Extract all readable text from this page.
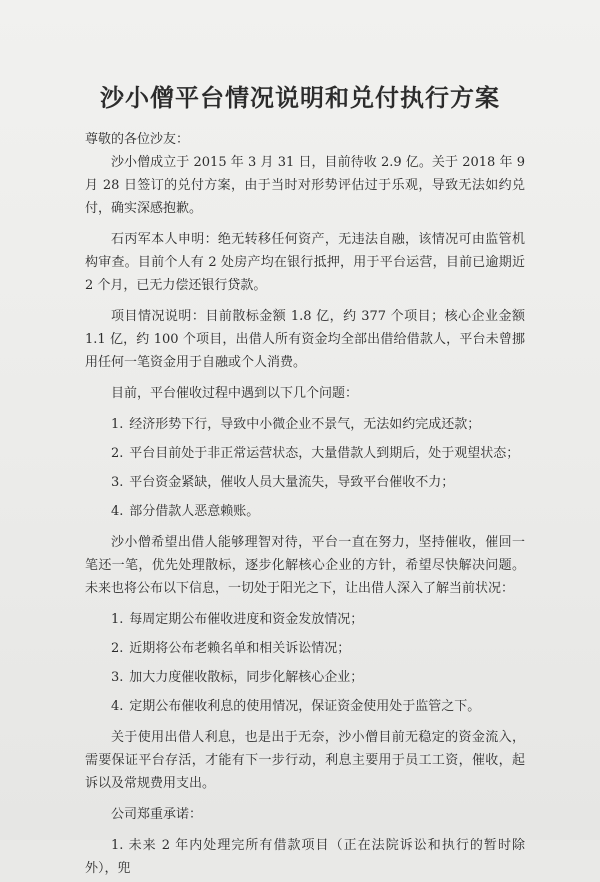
沙小僧平台情况说明和兑付执行方案
尊敬的各位沙友：
沙小僧成立于 2015 年 3 月 31 日，目前待收 2.9 亿。关于 2018 年 9 月 28 日签订的兑付方案，由于当时对形势评估过于乐观，导致无法如约兑付，确实深感抱歉。
石丙军本人申明：绝无转移任何资产，无违法自融，该情况可由监管机构审查。目前个人有 2 处房产均在银行抵押，用于平台运营，目前已逾期近 2 个月，已无力偿还银行贷款。
项目情况说明：目前散标金额 1.8 亿，约 377 个项目；核心企业金额 1.1 亿，约 100 个项目，出借人所有资金均全部出借给借款人，平台未曾挪用任何一笔资金用于自融或个人消费。
目前，平台催收过程中遇到以下几个问题：
1. 经济形势下行，导致中小微企业不景气，无法如约完成还款；
2. 平台目前处于非正常运营状态，大量借款人到期后，处于观望状态；
3. 平台资金紧缺，催收人员大量流失，导致平台催收不力；
4. 部分借款人恶意赖账。
沙小僧希望出借人能够理智对待，平台一直在努力，坚持催收，催回一笔还一笔，优先处理散标，逐步化解核心企业的方针，希望尽快解决问题。未来也将公布以下信息，一切处于阳光之下，让出借人深入了解当前状况：
1. 每周定期公布催收进度和资金发放情况；
2. 近期将公布老赖名单和相关诉讼情况；
3. 加大力度催收散标，同步化解核心企业；
4. 定期公布催收利息的使用情况，保证资金使用处于监管之下。
关于使用出借人利息，也是出于无奈，沙小僧目前无稳定的资金流入，需要保证平台存活，才能有下一步行动，利息主要用于员工工资，催收，起诉以及常规费用支出。
公司郑重承诺：
1. 未来 2 年内处理完所有借款项目（正在法院诉讼和执行的暂时除外），兜
